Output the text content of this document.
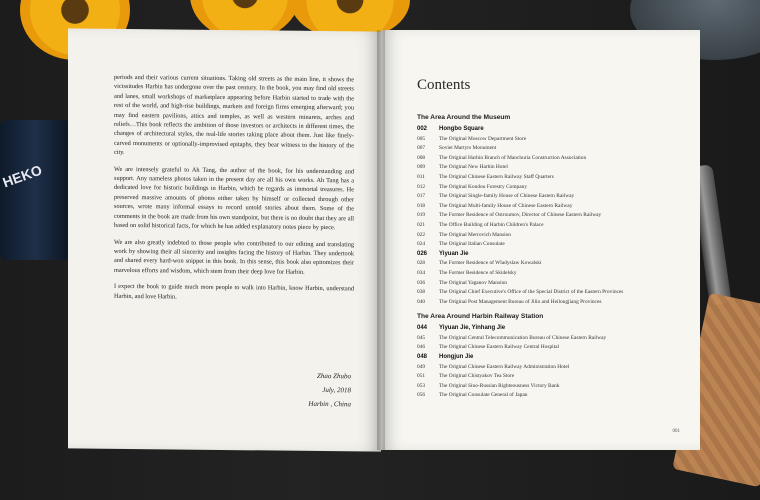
HEKO

periods and their various current situations. Taking old streets as the main line, it shows the vicissitudes Harbin has undergone over the past century. In the book, you may find old streets and lanes, small workshops of marketplace appearing before Harbin started to trade with the rest of the world, and high-rise buildings, markets and foreign firms emerging afterward; you may find eastern pavilions, attics and temples, as well as western minarets, arches and reliefs…This book reflects the ambition of those investors or architects in different times, the changes of architectural styles, the real-life stories taking place about them. Just like finely-carved monuments or optionally-improvised epitaphs, they bear witness to the history of the city.

We are intensely grateful to Ah Tang, the author of the book, for his understanding and support. Any nameless photos taken in the present day are all his own works. Ah Tang has a dedicated love for historic buildings in Harbin, which he regards as immortal treasures. He preserved massive amounts of photos either taken by himself or collected through other sources, wrote many informal essays to record untold stories about them. Some of the comments in the book are made from his own standpoint, but there is no doubt that they are all based on solid historical facts, for which he has added explanatory notes piece by piece.

We are also greatly indebted to those people who contributed to our editing and translating work by showing their all sincerity and insights facing the history of Harbin. They undertook and shared every hard-won snippet in this book. In this sense, this book also epitomizes their marvelous efforts and wisdom, which stem from their deep love for Harbin.

I expect the book to guide much more people to walk into Harbin, know Harbin, understand Harbin, and love Harbin.

Zhao Zhubo
July, 2018
Harbin , China
Contents
The Area Around the Museum
002	Hongbo Square
005	The Original Moscow Department Store
007	Soviet Martyrs Monument
008	The Original Harbin Branch of Manchuria Construction Association
009	The Original New Harbin Hotel
011	The Original Chinese Eastern Railway Staff Quarters
012	The Original Kondou Forestry Company
017	The Original Single-family House of Chinese Eastern Railway
018	The Original Multi-family House of Chinese Eastern Railway
019	The Former Residence of Ostroumov, Director of Chinese Eastern Railway
021	The Office Building of Harbin Children's Palace
022	The Original Merrovich Mansion
024	The Original Italian Consulate
026	Yiyuan Jie
028	The Former Residence of Wladyslaw Kowalski
034	The Former Residence of Skidelsky
036	The Original Yaganov Mansion
038	The Original Chief Executive's Office of the Special District of the Eastern Provinces
040	The Original Post Management Bureau of Jilin and Heilongjiang Provinces
The Area Around Harbin Railway Station
044	Yiyuan Jie, Yinhang Jie
045	The Original Central Telecommunication Bureau of Chinese Eastern Railway
046	The Original Chinese Eastern Railway Central Hospital
048	Hongjun Jie
049	The Original Chinese Eastern Railway Administration Hotel
051	The Original Chistyakov Tea Store
053	The Original Sino-Russian Righteousness Victory Bank
056	The Original Consulate General of Japan
001
